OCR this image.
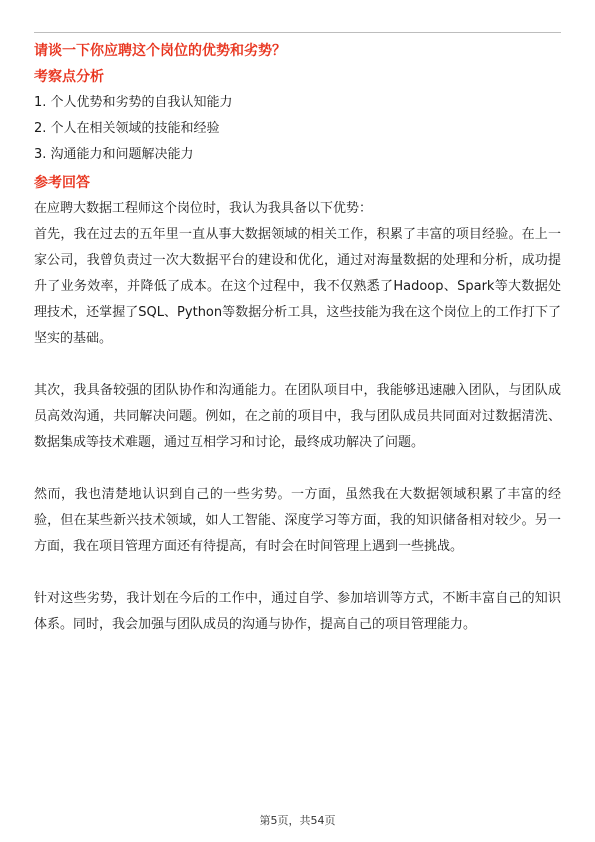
请谈一下你应聘这个岗位的优势和劣势？
考察点分析
1. 个人优势和劣势的自我认知能力
2. 个人在相关领域的技能和经验
3. 沟通能力和问题解决能力
参考回答

在应聘大数据工程师这个岗位时，我认为我具备以下优势：

首先，我在过去的五年里一直从事大数据领域的相关工作，积累了丰富的项目经验。在上一家公司，我曾负责过一次大数据平台的建设和优化，通过对海量数据的处理和分析，成功提升了业务效率，并降低了成本。在这个过程中，我不仅熟悉了Hadoop、Spark等大数据处理技术，还掌握了SQL、Python等数据分析工具，这些技能为我在这个岗位上的工作打下了坚实的基础。

其次，我具备较强的团队协作和沟通能力。在团队项目中，我能够迅速融入团队，与团队成员高效沟通，共同解决问题。例如，在之前的项目中，我与团队成员共同面对过数据清洗、数据集成等技术难题，通过互相学习和讨论，最终成功解决了问题。

然而，我也清楚地认识到自己的一些劣势。一方面，虽然我在大数据领域积累了丰富的经验，但在某些新兴技术领域，如人工智能、深度学习等方面，我的知识储备相对较少。另一方面，我在项目管理方面还有待提高，有时会在时间管理上遇到一些挑战。

针对这些劣势，我计划在今后的工作中，通过自学、参加培训等方式，不断丰富自己的知识体系。同时，我会加强与团队成员的沟通与协作，提高自己的项目管理能力。

第5页，共54页
